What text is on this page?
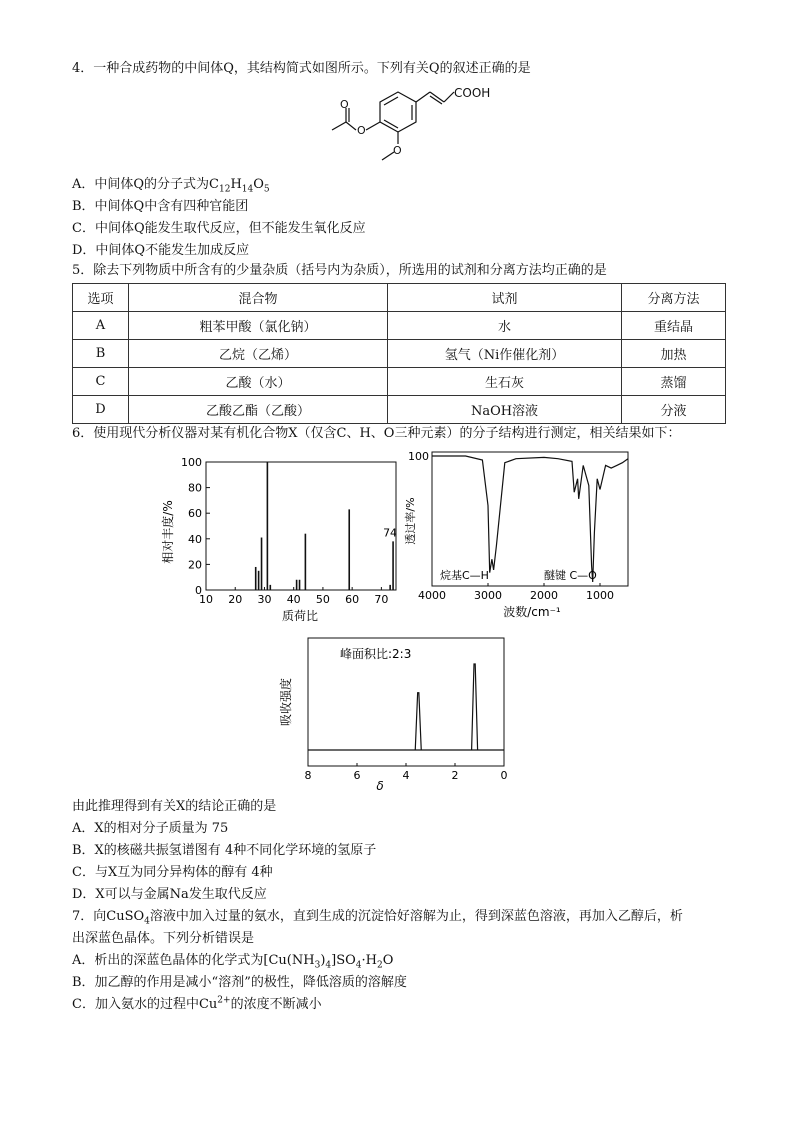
4．一种合成药物的中间体Q，其结构简式如图所示。下列有关Q的叙述正确的是
O
O
O
COOH
A．中间体Q的分子式为$C_{12}H_{14}O_5$
B．中间体Q中含有四种官能团
C．中间体Q能发生取代反应，但不能发生氧化反应
D．中间体Q不能发生加成反应
5．除去下列物质中所含有的少量杂质（括号内为杂质），所选用的试剂和分离方法均正确的是
选项	混合物	试剂	分离方法
A	粗苯甲酸（氯化钠）	水	重结晶
B	乙烷（乙烯）	氢气（Ni作催化剂）	加热
C	乙酸（水）	生石灰	蒸馏
D	乙酸乙酯（乙酸）	NaOH溶液	分液
6．使用现代分析仪器对某有机化合物X（仅含C、H、O三种元素）的分子结构进行测定，相关结果如下：
100
80
60
40
20
0
10 20 30 40 50 60 70
相对丰度/%
质荷比
74
100
透过率/%
4000	3000	2000	1000
烷基C—H	醚键 C—O
波数/cm⁻¹
峰面积比:2:3
吸收强度
8	6	4	2	0
δ
由此推理得到有关X的结论正确的是
A．X的相对分子质量为 75
B．X的核磁共振氢谱图有 4种不同化学环境的氢原子
C．与X互为同分异构体的醇有 4种
D．X可以与金属Na发生取代反应
7．向CuSO$_4$溶液中加入过量的氨水，直到生成的沉淀恰好溶解为止，得到深蓝色溶液，再加入乙醇后，析
出深蓝色晶体。下列分析错误是
A．析出的深蓝色晶体的化学式为$[Cu(NH_3)_4]SO_4\cdot H_2O$
B．加乙醇的作用是减小“溶剂”的极性，降低溶质的溶解度
C．加入氨水的过程中$Cu^{2+}$的浓度不断减小
